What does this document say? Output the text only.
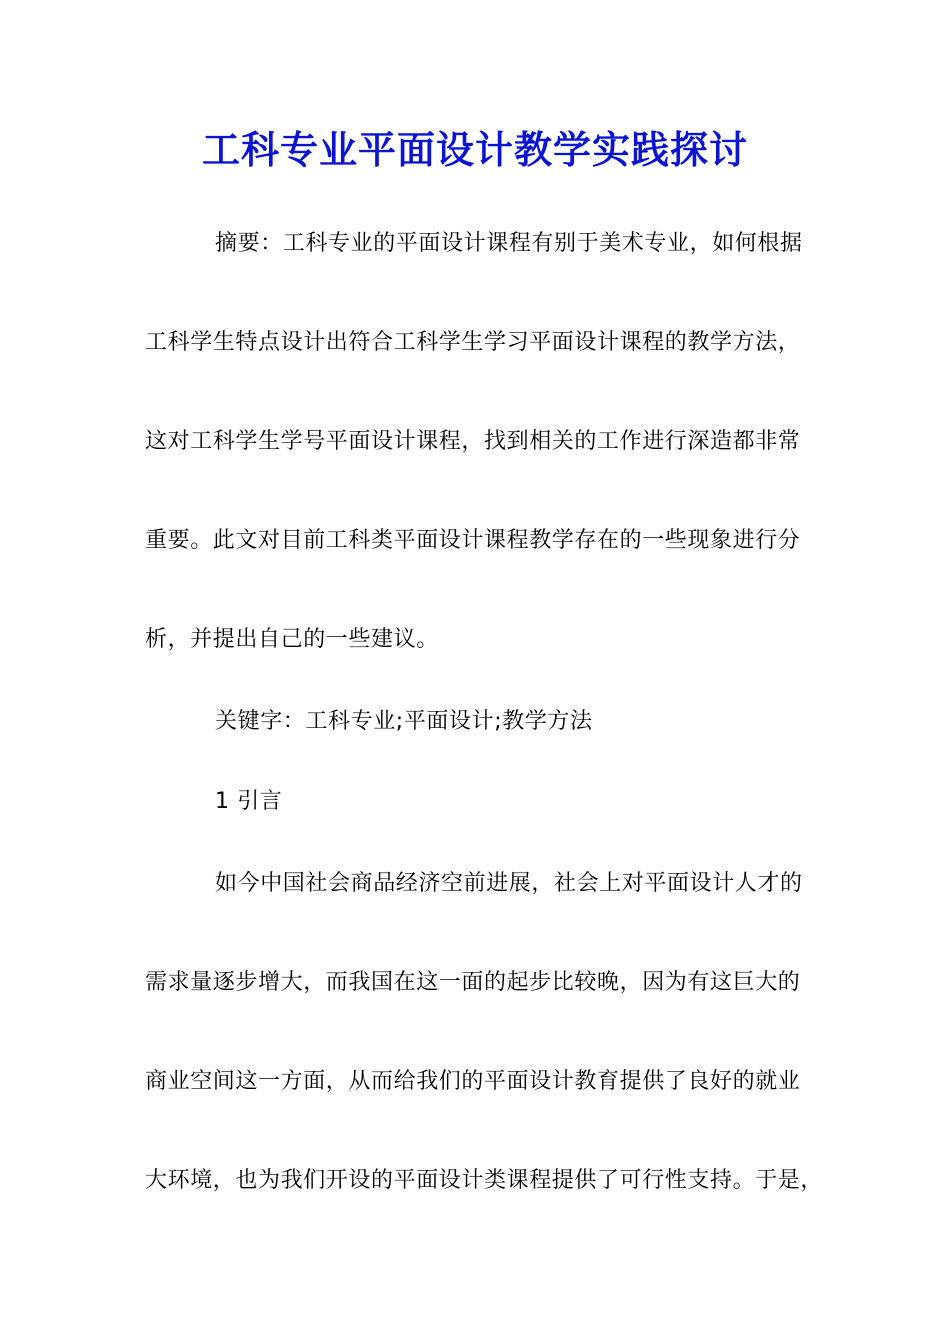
工科专业平面设计教学实践探讨
摘要：工科专业的平面设计课程有别于美术专业，如何根据
工科学生特点设计出符合工科学生学习平面设计课程的教学方法，
这对工科学生学号平面设计课程，找到相关的工作进行深造都非常
重要。此文对目前工科类平面设计课程教学存在的一些现象进行分
析，并提出自己的一些建议。
关键字：工科专业;平面设计;教学方法
1 引言
如今中国社会商品经济空前进展，社会上对平面设计人才的
需求量逐步增大，而我国在这一面的起步比较晚，因为有这巨大的
商业空间这一方面，从而给我们的平面设计教育提供了良好的就业
大环境，也为我们开设的平面设计类课程提供了可行性支持。于是，
